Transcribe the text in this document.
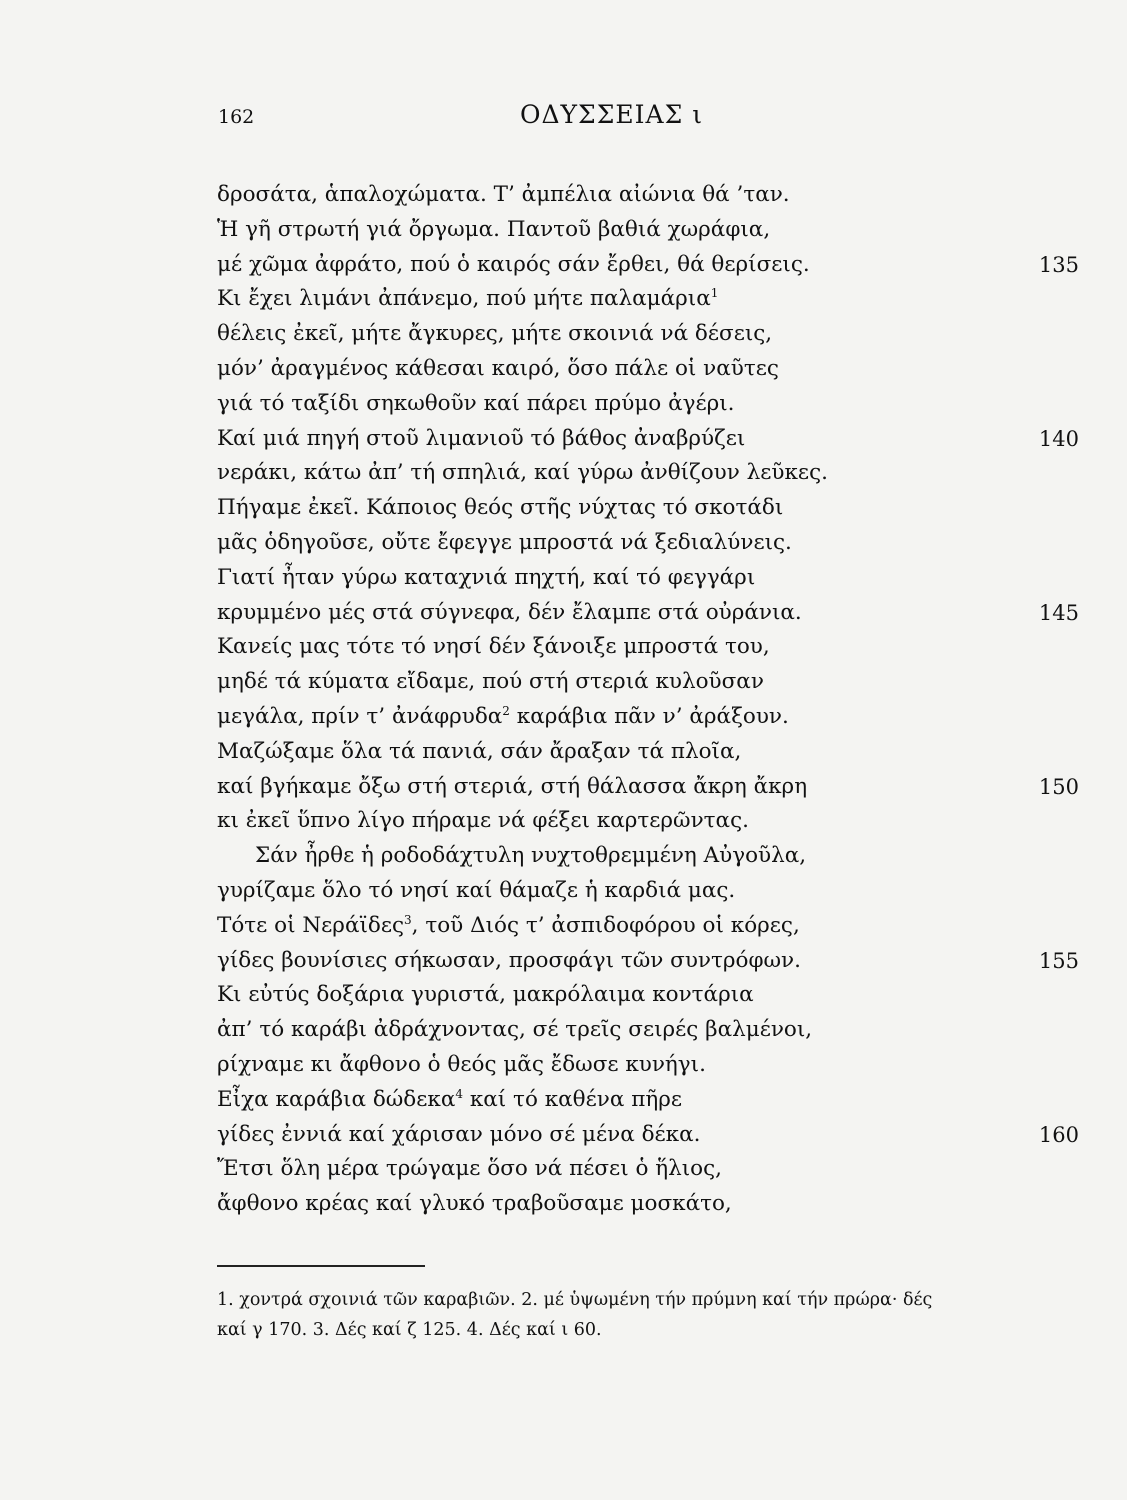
162	ΟΔΥΣΣΕΙΑΣ ι
δροσάτα, ἁπαλοχώματα. Τ’ ἀμπέλια αἰώνια θά ’ταν.
Ἡ γῆ στρωτή γιά ὄργωμα. Παντοῦ βαθιά χωράφια,
μέ χῶμα ἀφράτο, πού ὁ καιρός σάν ἔρθει, θά θερίσεις.	135
Κι ἔχει λιμάνι ἀπάνεμο, πού μήτε παλαμάρια$^1$
θέλεις ἐκεῖ, μήτε ἄγκυρες, μήτε σκοινιά νά δέσεις,
μόν’ ἀραγμένος κάθεσαι καιρό, ὅσο πάλε οἱ ναῦτες
γιά τό ταξίδι σηκωθοῦν καί πάρει πρύμο ἀγέρι.
Καί μιά πηγή στοῦ λιμανιοῦ τό βάθος ἀναβρύζει	140
νεράκι, κάτω ἀπ’ τή σπηλιά, καί γύρω ἀνθίζουν λεῦκες.
Πήγαμε ἐκεῖ. Κάποιος θεός στῆς νύχτας τό σκοτάδι
μᾶς ὁδηγοῦσε, οὔτε ἔφεγγε μπροστά νά ξεδιαλύνεις.
Γιατί ἦταν γύρω καταχνιά πηχτή, καί τό φεγγάρι
κρυμμένο μές στά σύγνεφα, δέν ἔλαμπε στά οὐράνια.	145
Κανείς μας τότε τό νησί δέν ξάνοιξε μπροστά του,
μηδέ τά κύματα εἴδαμε, πού στή στεριά κυλοῦσαν
μεγάλα, πρίν τ’ ἀνάφρυδα$^2$ καράβια πᾶν ν’ ἀράξουν.
Μαζώξαμε ὅλα τά πανιά, σάν ἄραξαν τά πλοῖα,
καί βγήκαμε ὄξω στή στεριά, στή θάλασσα ἄκρη ἄκρη	150
κι ἐκεῖ ὕπνο λίγο πήραμε νά φέξει καρτερῶντας.
Σάν ἦρθε ἡ ροδοδάχτυλη νυχτοθρεμμένη Αὐγοῦλα,
γυρίζαμε ὅλο τό νησί καί θάμαζε ἡ καρδιά μας.
Τότε οἱ Νεράϊδες$^3$, τοῦ Διός τ’ ἀσπιδοφόρου οἱ κόρες,
γίδες βουνίσιες σήκωσαν, προσφάγι τῶν συντρόφων.	155
Κι εὐτύς δοξάρια γυριστά, μακρόλαιμα κοντάρια
ἀπ’ τό καράβι ἀδράχνοντας, σέ τρεῖς σειρές βαλμένοι,
ρίχναμε κι ἄφθονο ὁ θεός μᾶς ἔδωσε κυνήγι.
Εἶχα καράβια δώδεκα$^4$ καί τό καθένα πῆρε
γίδες ἐννιά καί χάρισαν μόνο σέ μένα δέκα.	160
Ἔτσι ὅλη μέρα τρώγαμε ὅσο νά πέσει ὁ ἥλιος,
ἄφθονο κρέας καί γλυκό τραβοῦσαμε μοσκάτο,
1. χοντρά σχοινιά τῶν καραβιῶν. 2. μέ ὑψωμένη τήν πρύμνη καί τήν πρώρα· δές
καί γ 170. 3. Δές καί ζ 125. 4. Δές καί ι 60.
